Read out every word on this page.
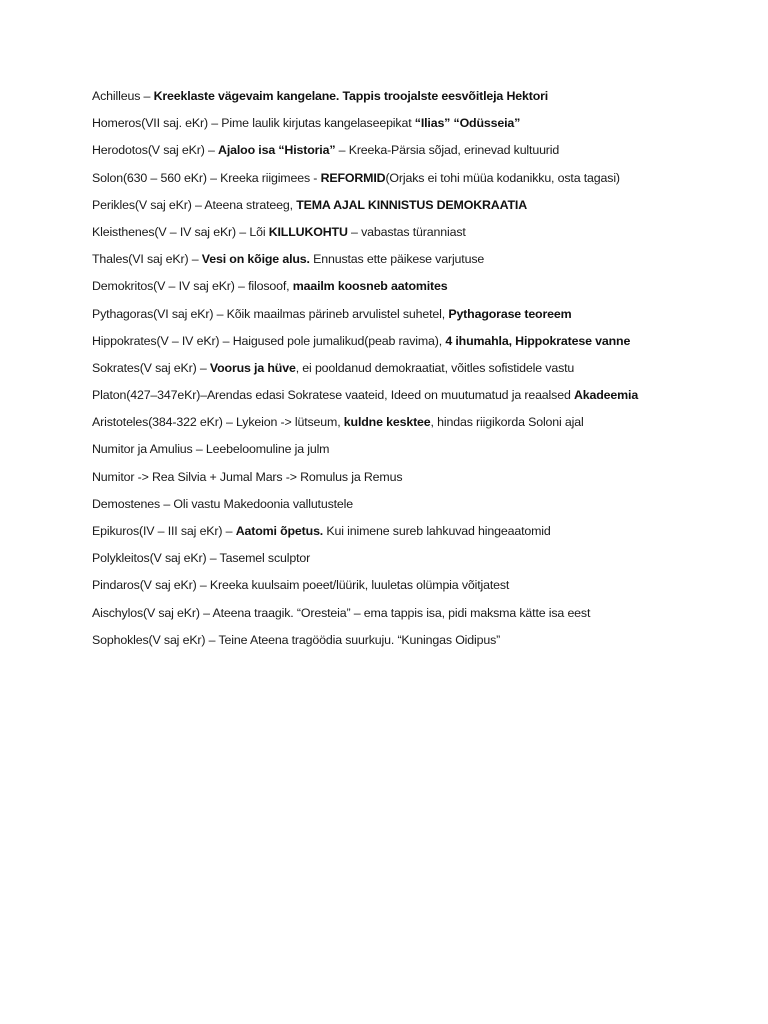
Achilleus – Kreeklaste vägevaim kangelane. Tappis troojalste eesvõitleja Hektori
Homeros(VII saj. eKr) – Pime laulik kirjutas kangelaseepikat “Ilias” “Odüsseia”
Herodotos(V saj eKr) – Ajaloo isa “Historia” – Kreeka-Pärsia sõjad, erinevad kultuurid
Solon(630 – 560 eKr) – Kreeka riigimees - REFORMID(Orjaks ei tohi müüa kodanikku, osta tagasi)
Perikles(V saj eKr) – Ateena strateeg, TEMA AJAL KINNISTUS DEMOKRAATIA
Kleisthenes(V – IV saj eKr) – Lõi KILLUKOHTU – vabastas türanniast
Thales(VI saj eKr) – Vesi on kõige alus. Ennustas ette päikese varjutuse
Demokritos(V – IV saj eKr) – filosoof, maailm koosneb aatomites
Pythagoras(VI saj eKr) – Kõik maailmas pärineb arvulistel suhetel, Pythagorase teoreem
Hippokrates(V – IV eKr) – Haigused pole jumalikud(peab ravima), 4 ihumahla, Hippokratese vanne
Sokrates(V saj eKr) – Voorus ja hüve, ei pooldanud demokraatiat, võitles sofistidele vastu
Platon(427–347eKr)–Arendas edasi Sokratese vaateid, Ideed on muutumatud ja reaalsed Akadeemia
Aristoteles(384-322 eKr) – Lykeion -> lütseum, kuldne kesktee, hindas riigikorda Soloni ajal
Numitor ja Amulius – Leebeloomuline ja julm
Numitor -> Rea Silvia + Jumal Mars -> Romulus ja Remus
Demostenes – Oli vastu Makedoonia vallutustele
Epikuros(IV – III saj eKr) – Aatomi õpetus. Kui inimene sureb lahkuvad hingeaatomid
Polykleitos(V saj eKr) – Tasemel sculptor
Pindaros(V saj eKr) – Kreeka kuulsaim poeet/lüürik, luuletas olümpia võitjatest
Aischylos(V saj eKr) – Ateena traagik. “Oresteia” – ema tappis isa, pidi maksma kätte isa eest
Sophokles(V saj eKr) – Teine Ateena tragöödia suurkuju. “Kuningas Oidipus”
